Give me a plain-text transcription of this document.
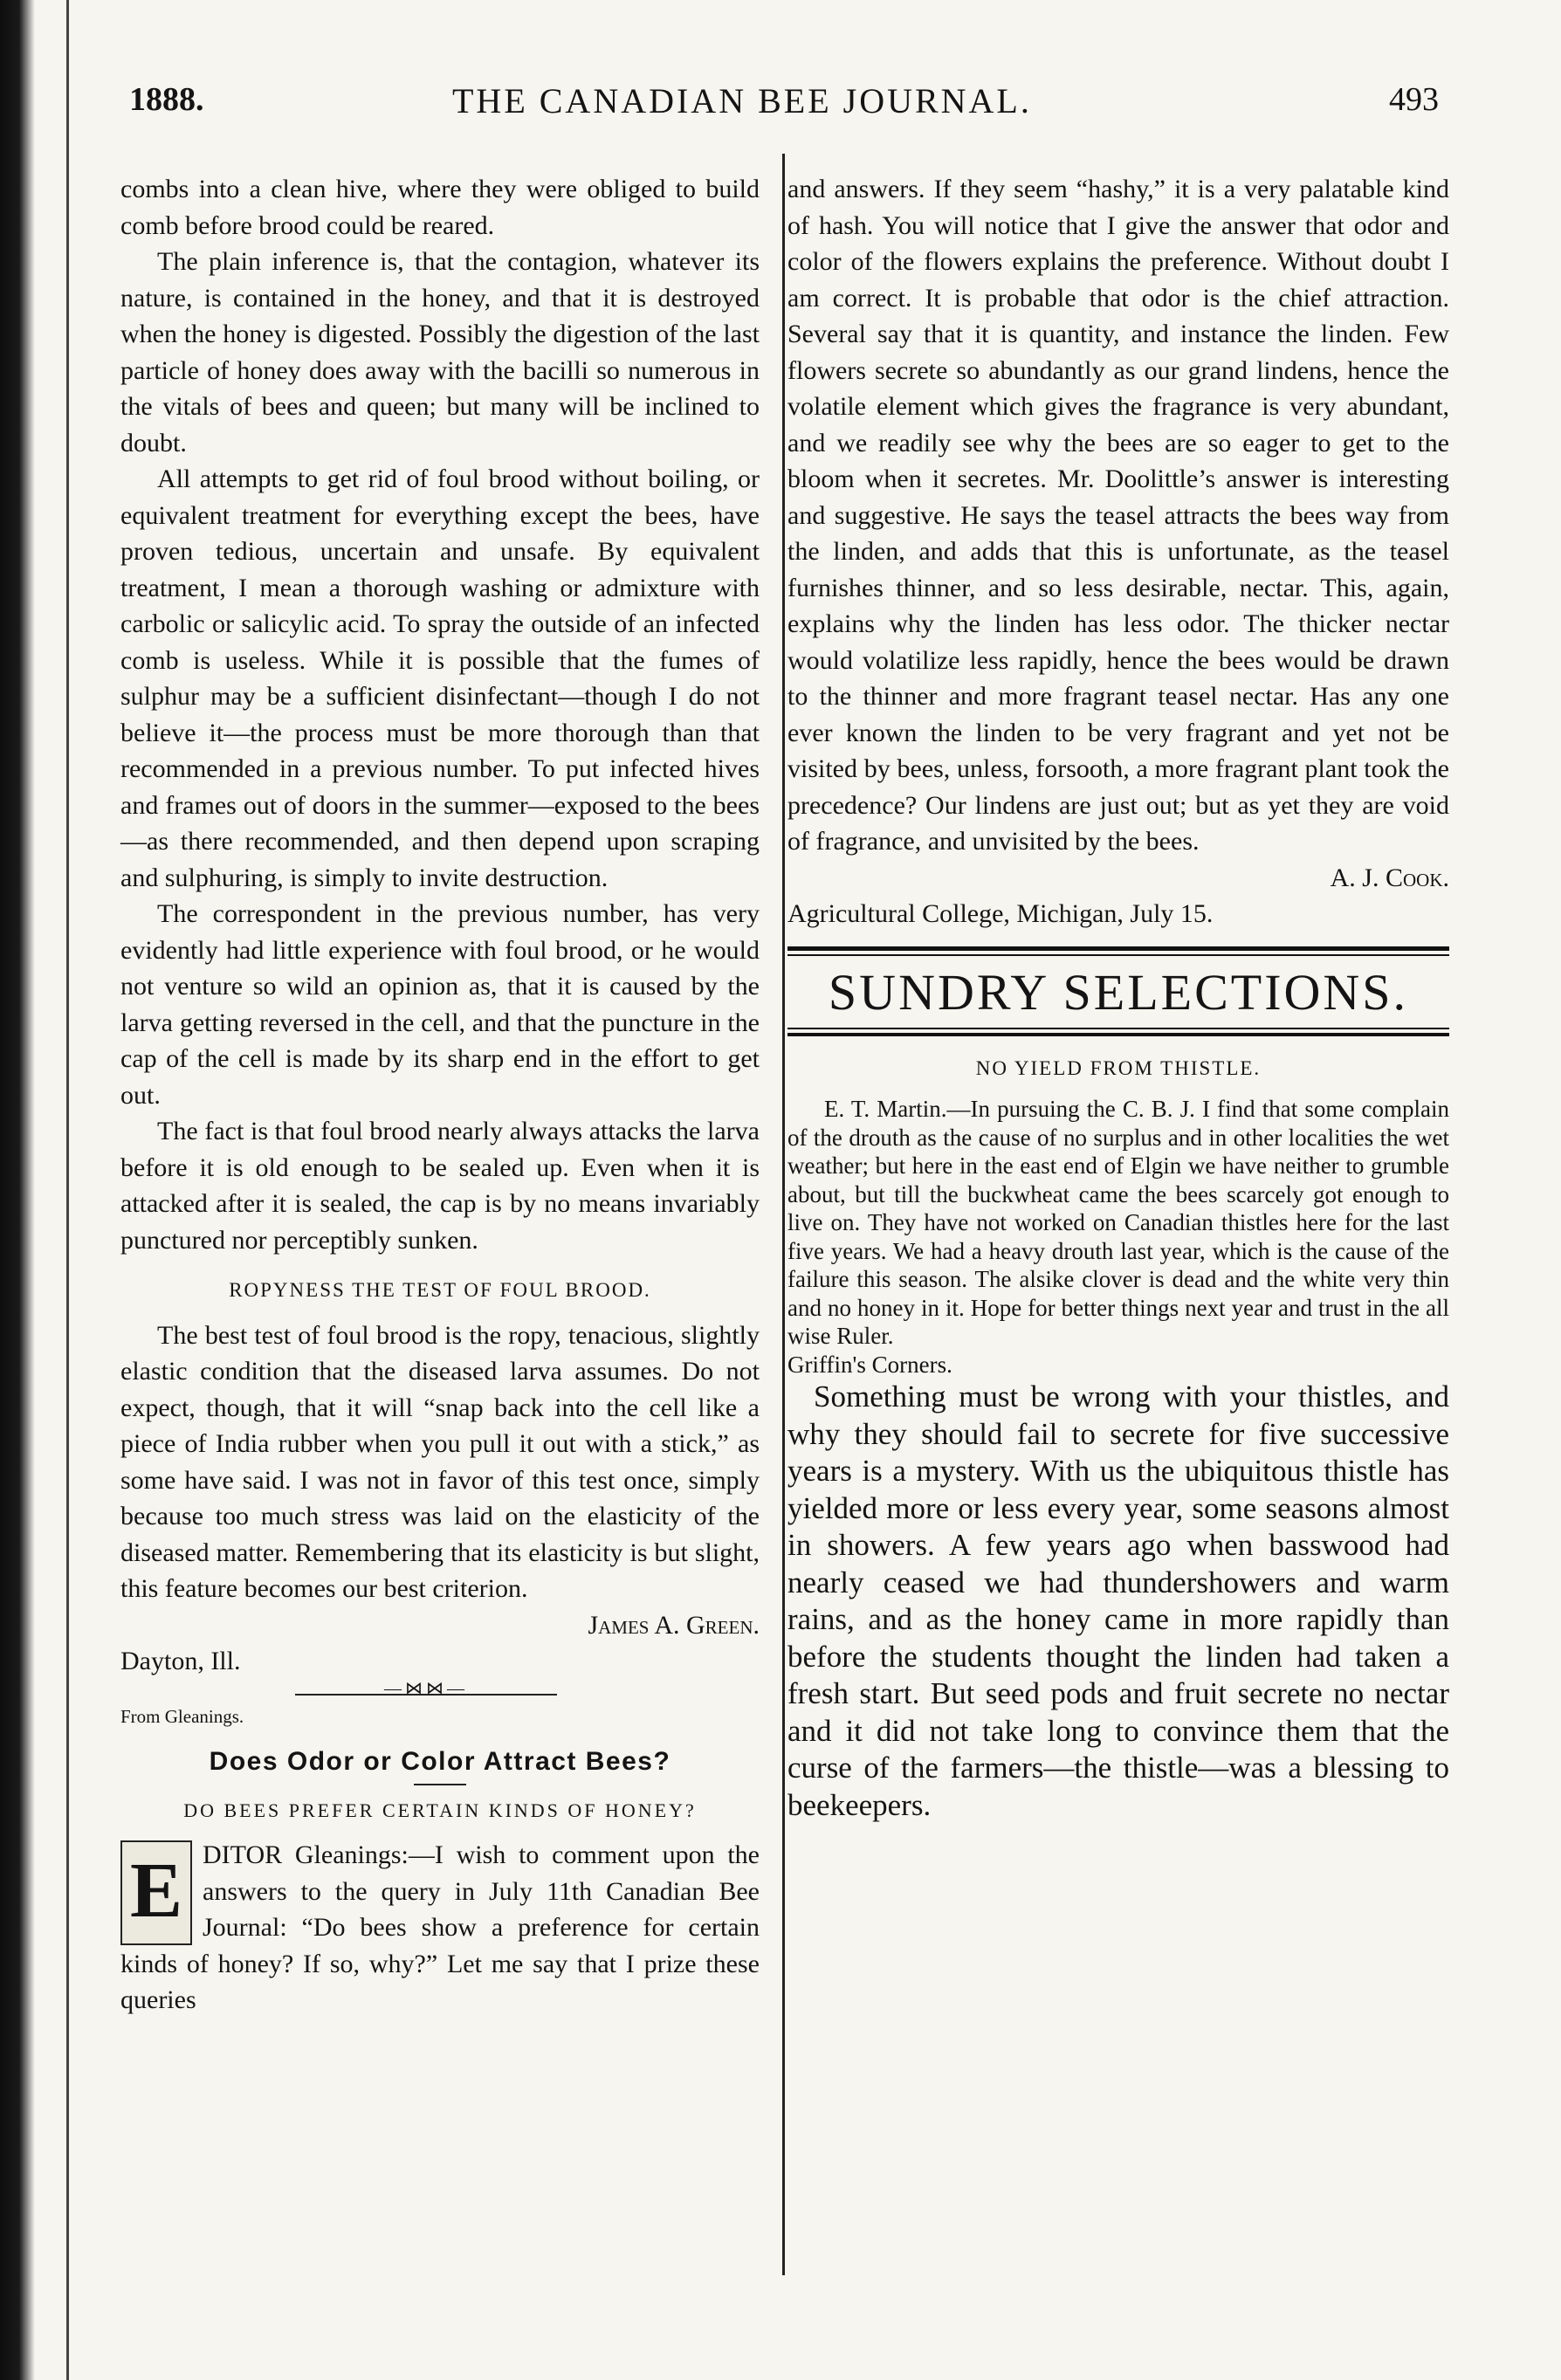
1888.	THE CANADIAN BEE JOURNAL.	493

combs into a clean hive, where they were obliged to build comb before brood could be reared.

The plain inference is, that the contagion, whatever its nature, is contained in the honey, and that it is destroyed when the honey is digested. Possibly the digestion of the last particle of honey does away with the bacilli so numerous in the vitals of bees and queen; but many will be inclined to doubt.

All attempts to get rid of foul brood without boiling, or equivalent treatment for everything except the bees, have proven tedious, uncertain and unsafe. By equivalent treatment, I mean a thorough washing or admixture with carbolic or salicylic acid. To spray the outside of an infected comb is useless. While it is possible that the fumes of sulphur may be a sufficient disinfectant—though I do not believe it—the process must be more thorough than that recommended in a previous number. To put infected hives and frames out of doors in the summer—exposed to the bees—as there recommended, and then depend upon scraping and sulphuring, is simply to invite destruction.

The correspondent in the previous number, has very evidently had little experience with foul brood, or he would not venture so wild an opinion as, that it is caused by the larva getting reversed in the cell, and that the puncture in the cap of the cell is made by its sharp end in the effort to get out.

The fact is that foul brood nearly always attacks the larva before it is old enough to be sealed up. Even when it is attacked after it is sealed, the cap is by no means invariably punctured nor perceptibly sunken.

ROPYNESS THE TEST OF FOUL BROOD.

The best test of foul brood is the ropy, tenacious, slightly elastic condition that the diseased larva assumes. Do not expect, though, that it will “snap back into the cell like a piece of India rubber when you pull it out with a stick,” as some have said. I was not in favor of this test once, simply because too much stress was laid on the elasticity of the diseased matter. Remembering that its elasticity is but slight, this feature becomes our best criterion.

James A. Green.

Dayton, Ill.

—⋈⋈—

From Gleanings.

Does Odor or Color Attract Bees?
DO BEES PREFER CERTAIN KINDS OF HONEY?
E DITOR Gleanings:—I wish to comment upon the answers to the query in July 11th Canadian Bee Journal: “Do bees show a preference for certain kinds of honey? If so, why?” Let me say that I prize these queries

and answers. If they seem “hashy,” it is a very palatable kind of hash. You will notice that I give the answer that odor and color of the flowers explains the preference. Without doubt I am correct. It is probable that odor is the chief attraction. Several say that it is quantity, and instance the linden. Few flowers secrete so abundantly as our grand lindens, hence the volatile element which gives the fragrance is very abundant, and we readily see why the bees are so eager to get to the bloom when it secretes. Mr. Doolittle’s answer is interesting and suggestive. He says the teasel attracts the bees way from the linden, and adds that this is unfortunate, as the teasel furnishes thinner, and so less desirable, nectar. This, again, explains why the linden has less odor. The thicker nectar would volatilize less rapidly, hence the bees would be drawn to the thinner and more fragrant teasel nectar. Has any one ever known the linden to be very fragrant and yet not be visited by bees, unless, forsooth, a more fragrant plant took the precedence? Our lindens are just out; but as yet they are void of fragrance, and unvisited by the bees.

A. J. Cook.

Agricultural College, Michigan, July 15.

SUNDRY SELECTIONS.
NO YIELD FROM THISTLE.

E. T. Martin.—In pursuing the C. B. J. I find that some complain of the drouth as the cause of no surplus and in other localities the wet weather; but here in the east end of Elgin we have neither to grumble about, but till the buckwheat came the bees scarcely got enough to live on. They have not worked on Canadian thistles here for the last five years. We had a heavy drouth last year, which is the cause of the failure this season. The alsike clover is dead and the white very thin and no honey in it. Hope for better things next year and trust in the all wise Ruler.

Griffin's Corners.

Something must be wrong with your thistles, and why they should fail to secrete for five successive years is a mystery. With us the ubiquitous thistle has yielded more or less every year, some seasons almost in showers. A few years ago when basswood had nearly ceased we had thundershowers and warm rains, and as the honey came in more rapidly than before the students thought the linden had taken a fresh start. But seed pods and fruit secrete no nectar and it did not take long to convince them that the curse of the farmers—the thistle—was a blessing to beekeepers.
